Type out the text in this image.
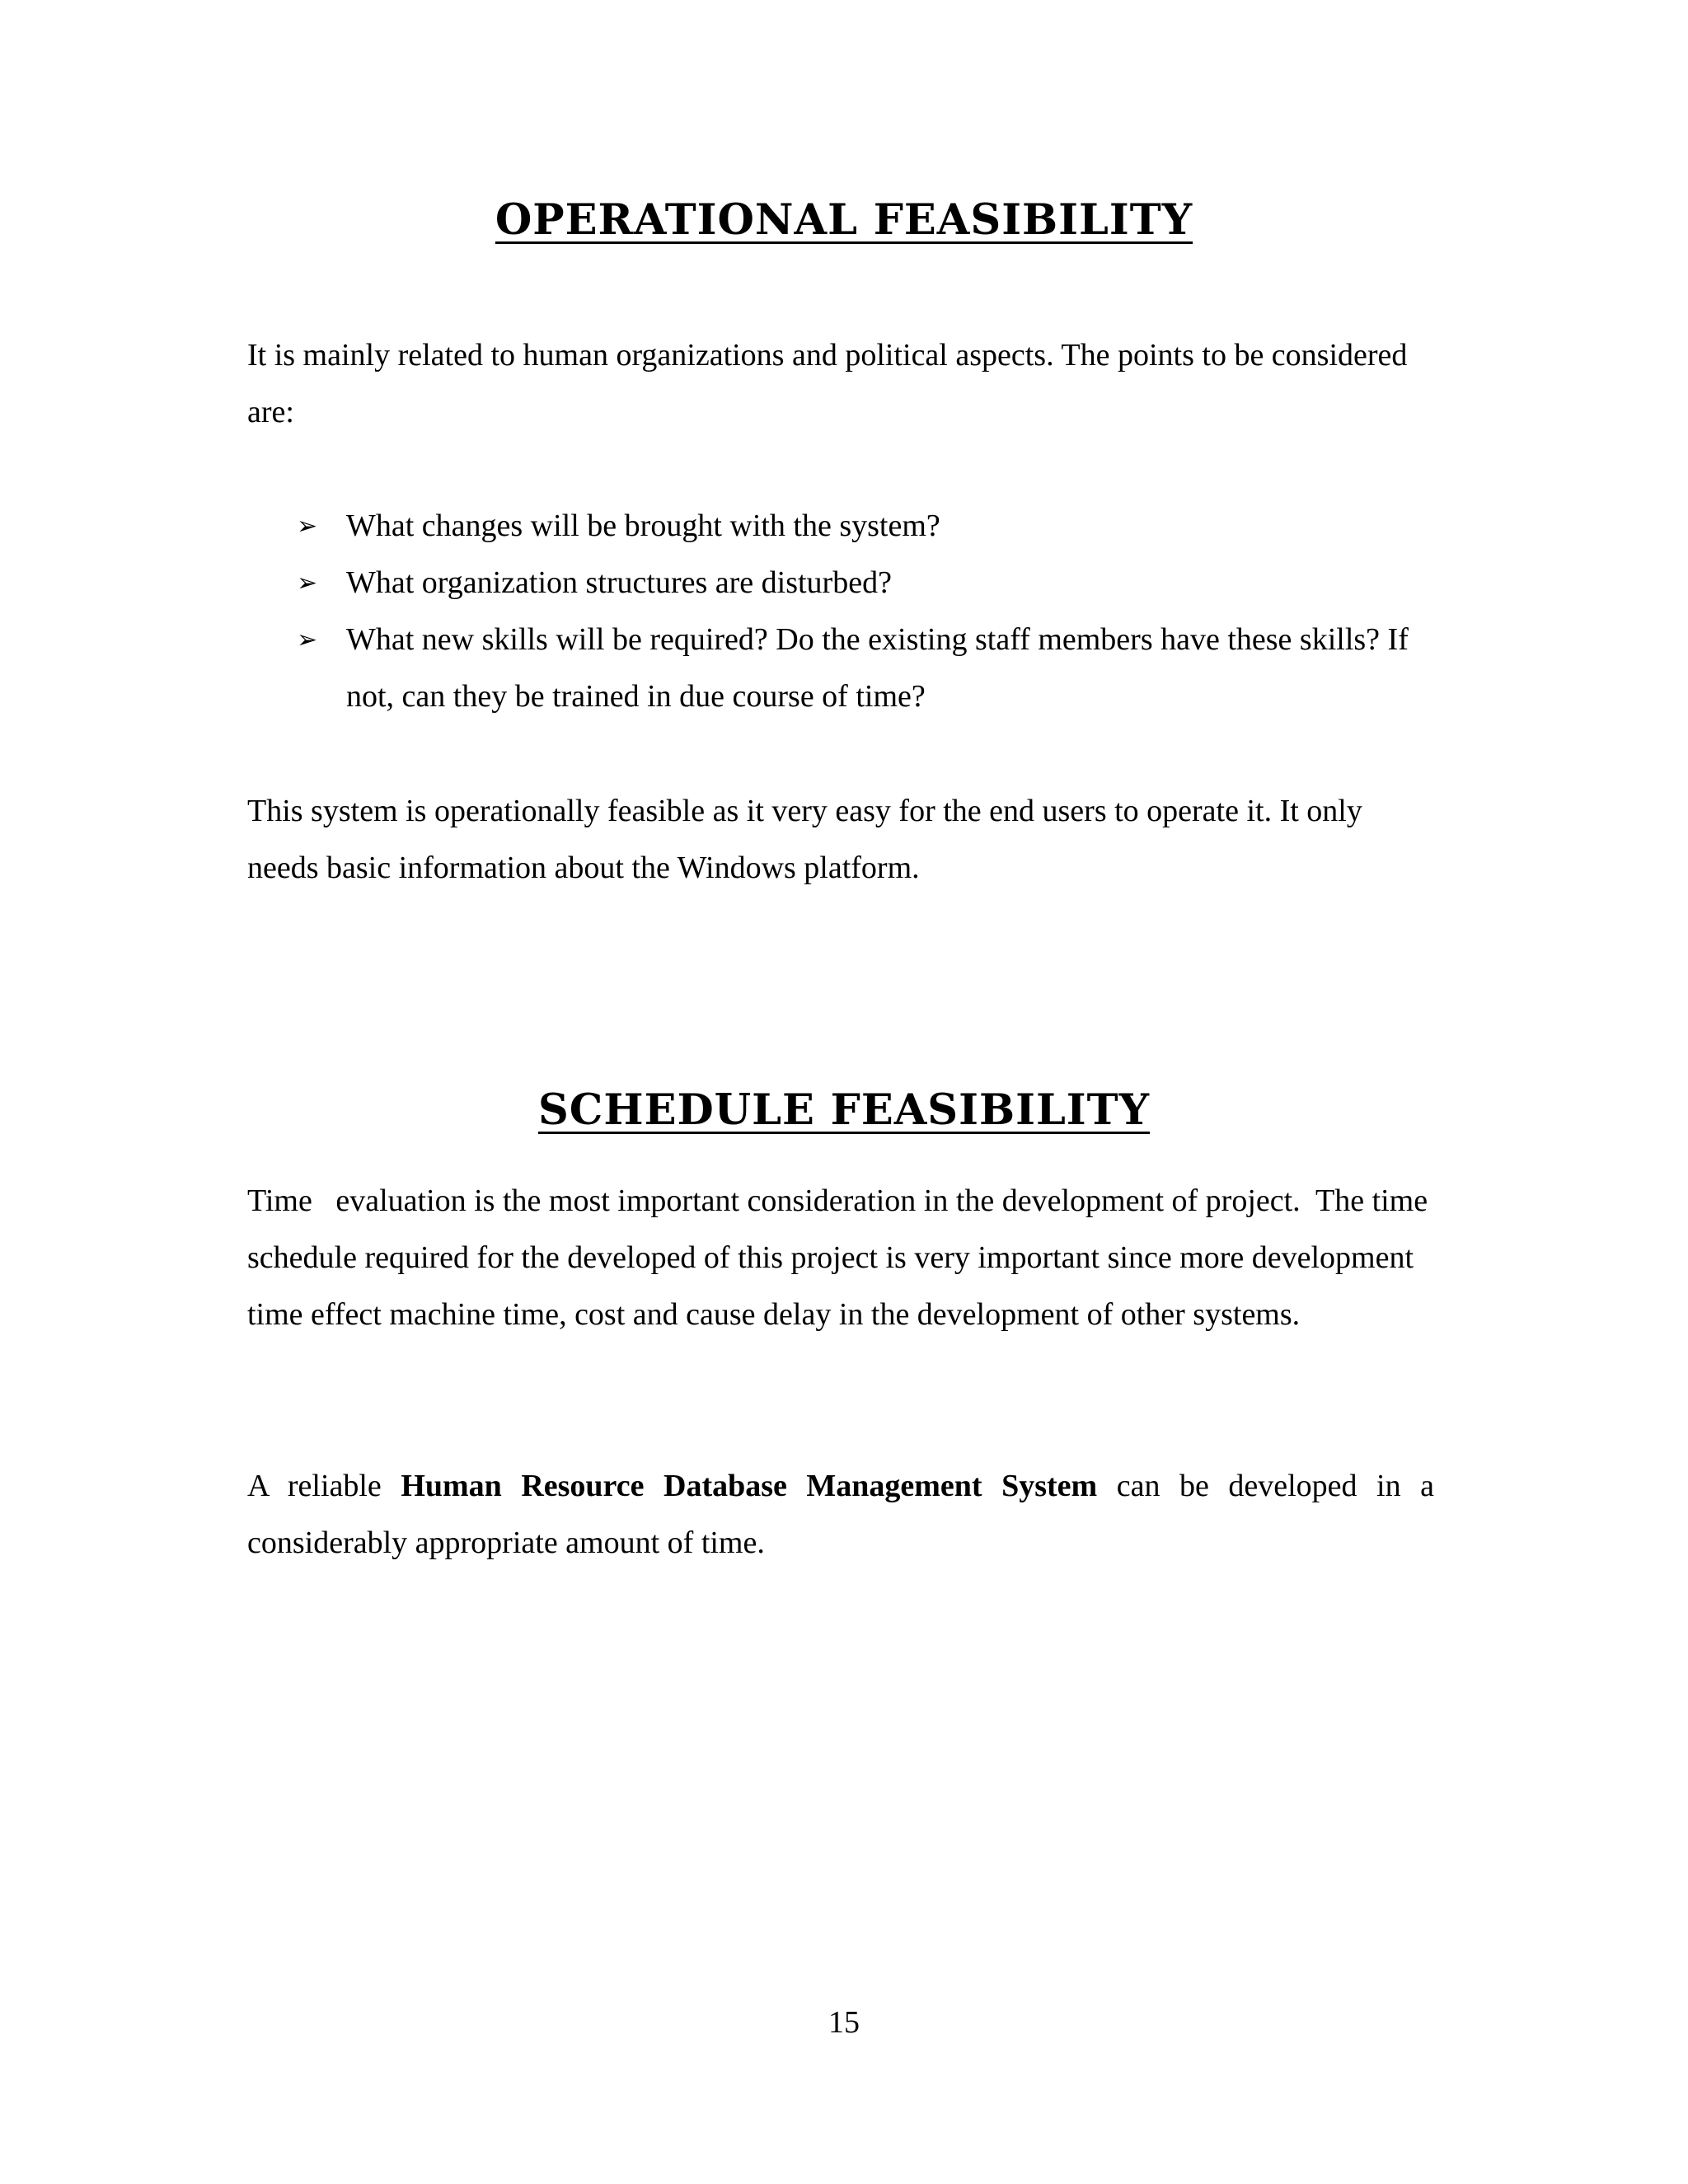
OPERATIONAL FEASIBILITY

It is mainly related to human organizations and political aspects. The points to be considered are:

➢ What changes will be brought with the system?
➢ What organization structures are disturbed?
➢ What new skills will be required? Do the existing staff members have these skills? If not, can they be trained in due course of time?

This system is operationally feasible as it very easy for the end users to operate it. It only needs basic information about the Windows platform.

SCHEDULE FEASIBILITY

Time   evaluation is the most important consideration in the development of project.  The time schedule required for the developed of this project is very important since more development time effect machine time, cost and cause delay in the development of other systems.

A reliable Human Resource Database Management System can be developed in a considerably appropriate amount of time.

15
